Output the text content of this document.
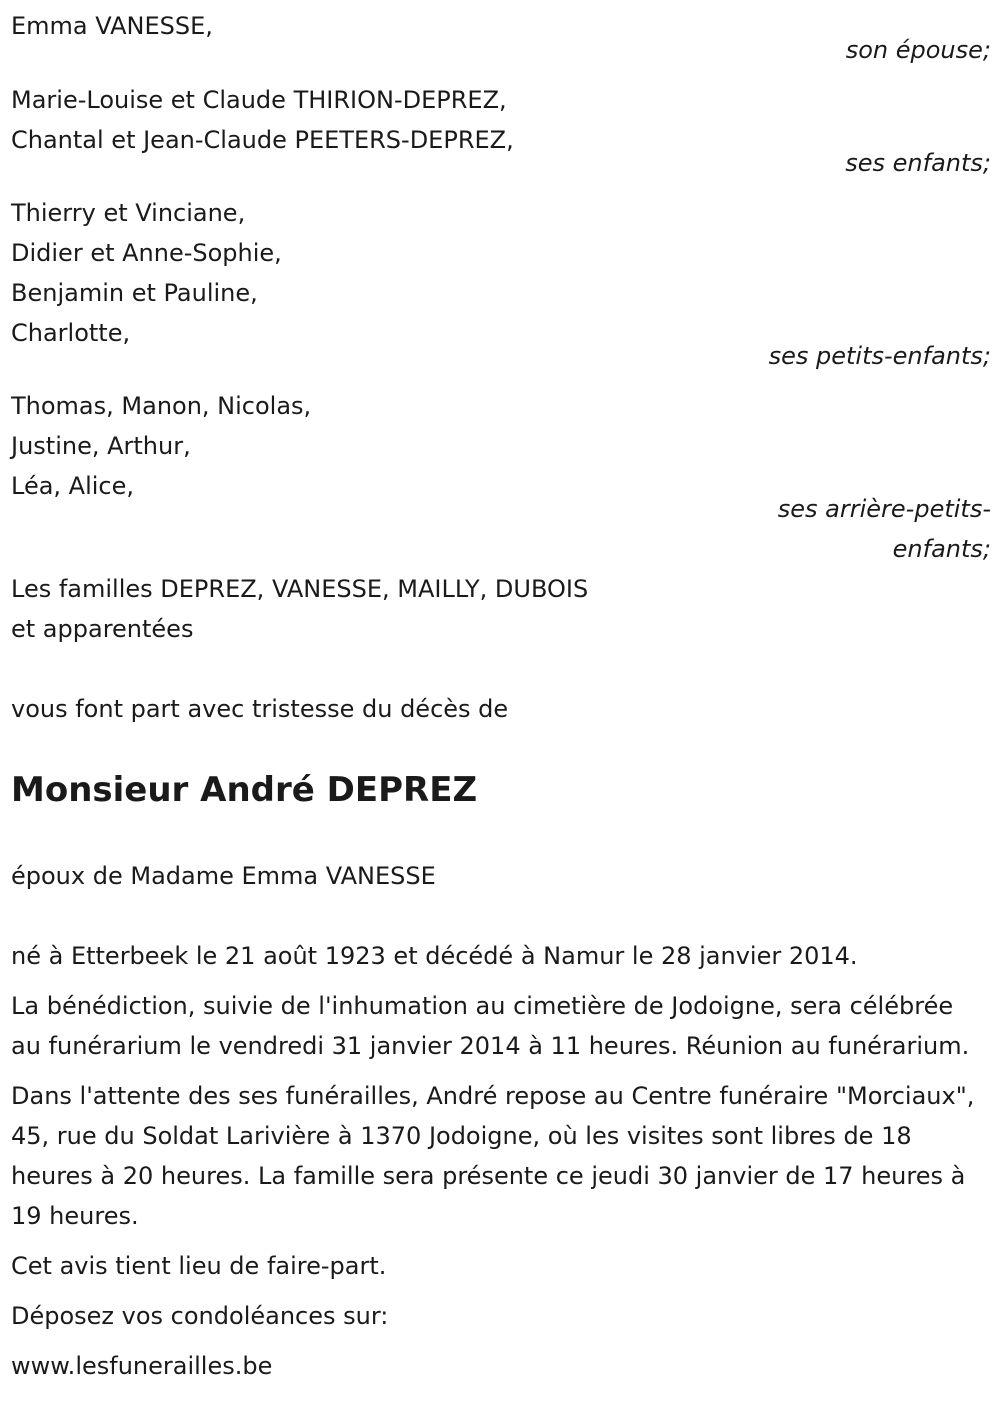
Emma VANESSE,
son épouse;
Marie-Louise et Claude THIRION-DEPREZ,
Chantal et Jean-Claude PEETERS-DEPREZ,
ses enfants;
Thierry et Vinciane,
Didier et Anne-Sophie,
Benjamin et Pauline,
Charlotte,
ses petits-enfants;
Thomas, Manon, Nicolas,
Justine, Arthur,
Léa, Alice,
ses arrière-petits-
enfants;
Les familles DEPREZ, VANESSE, MAILLY, DUBOIS
et apparentées
vous font part avec tristesse du décès de
Monsieur André DEPREZ
époux de Madame Emma VANESSE
né à Etterbeek le 21 août 1923 et décédé à Namur le 28 janvier 2014.
La bénédiction, suivie de l'inhumation au cimetière de Jodoigne, sera célébrée au funérarium le vendredi 31 janvier 2014 à 11 heures. Réunion au funérarium.
Dans l'attente des ses funérailles, André repose au Centre funéraire "Morciaux", 45, rue du Soldat Larivière à 1370 Jodoigne, où les visites sont libres de 18 heures à 20 heures. La famille sera présente ce jeudi 30 janvier de 17 heures à 19 heures.
Cet avis tient lieu de faire-part.
Déposez vos condoléances sur:
www.lesfunerailles.be
